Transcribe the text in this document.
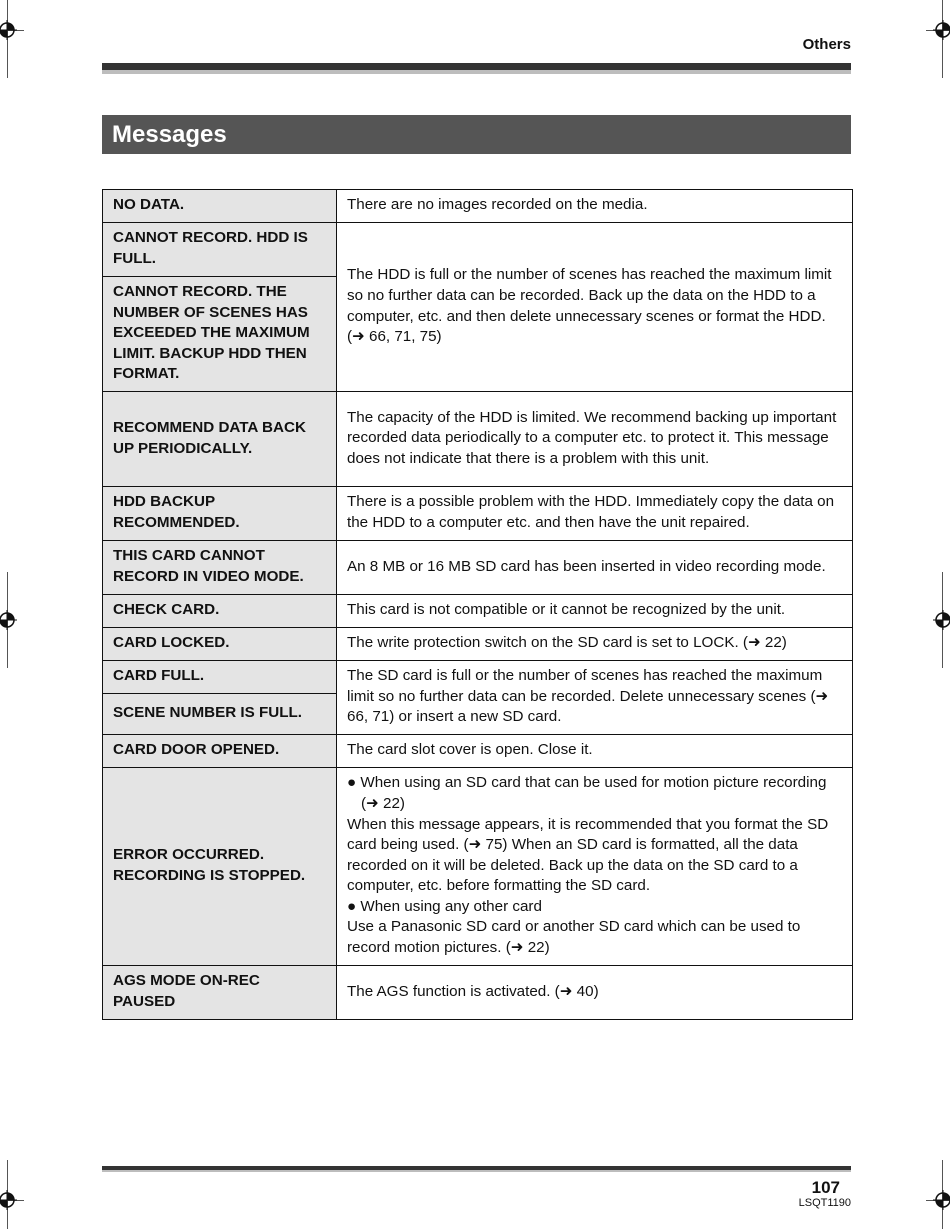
Others
Messages
NO DATA.	There are no images recorded on the media.
CANNOT RECORD. HDD IS FULL.	The HDD is full or the number of scenes has reached the maximum limit so no further data can be recorded. Back up the data on the HDD to a computer, etc. and then delete unnecessary scenes or format the HDD. (➜ 66, 71, 75)
CANNOT RECORD. THE NUMBER OF SCENES HAS EXCEEDED THE MAXIMUM LIMIT. BACKUP HDD THEN FORMAT.	
RECOMMEND DATA BACK UP PERIODICALLY.	The capacity of the HDD is limited. We recommend backing up important recorded data periodically to a computer etc. to protect it. This message does not indicate that there is a problem with this unit.
HDD BACKUP RECOMMENDED.	There is a possible problem with the HDD. Immediately copy the data on the HDD to a computer etc. and then have the unit repaired.
THIS CARD CANNOT RECORD IN VIDEO MODE.	An 8 MB or 16 MB SD card has been inserted in video recording mode.
CHECK CARD.	This card is not compatible or it cannot be recognized by the unit.
CARD LOCKED.	The write protection switch on the SD card is set to LOCK. (➜ 22)
CARD FULL.	The SD card is full or the number of scenes has reached the maximum limit so no further data can be recorded. Delete unnecessary scenes (➜ 66, 71) or insert a new SD card.
SCENE NUMBER IS FULL.	
CARD DOOR OPENED.	The card slot cover is open. Close it.
ERROR OCCURRED. RECORDING IS STOPPED.	● When using an SD card that can be used for motion picture recording (➜ 22)

When this message appears, it is recommended that you format the SD card being used. (➜ 75) When an SD card is formatted, all the data recorded on it will be deleted. Back up the data on the SD card to a computer, etc. before formatting the SD card.

● When using any other card

Use a Panasonic SD card or another SD card which can be used to record motion pictures. (➜ 22)

AGS MODE ON-REC PAUSED	The AGS function is activated. (➜ 40)
107
LSQT1190
